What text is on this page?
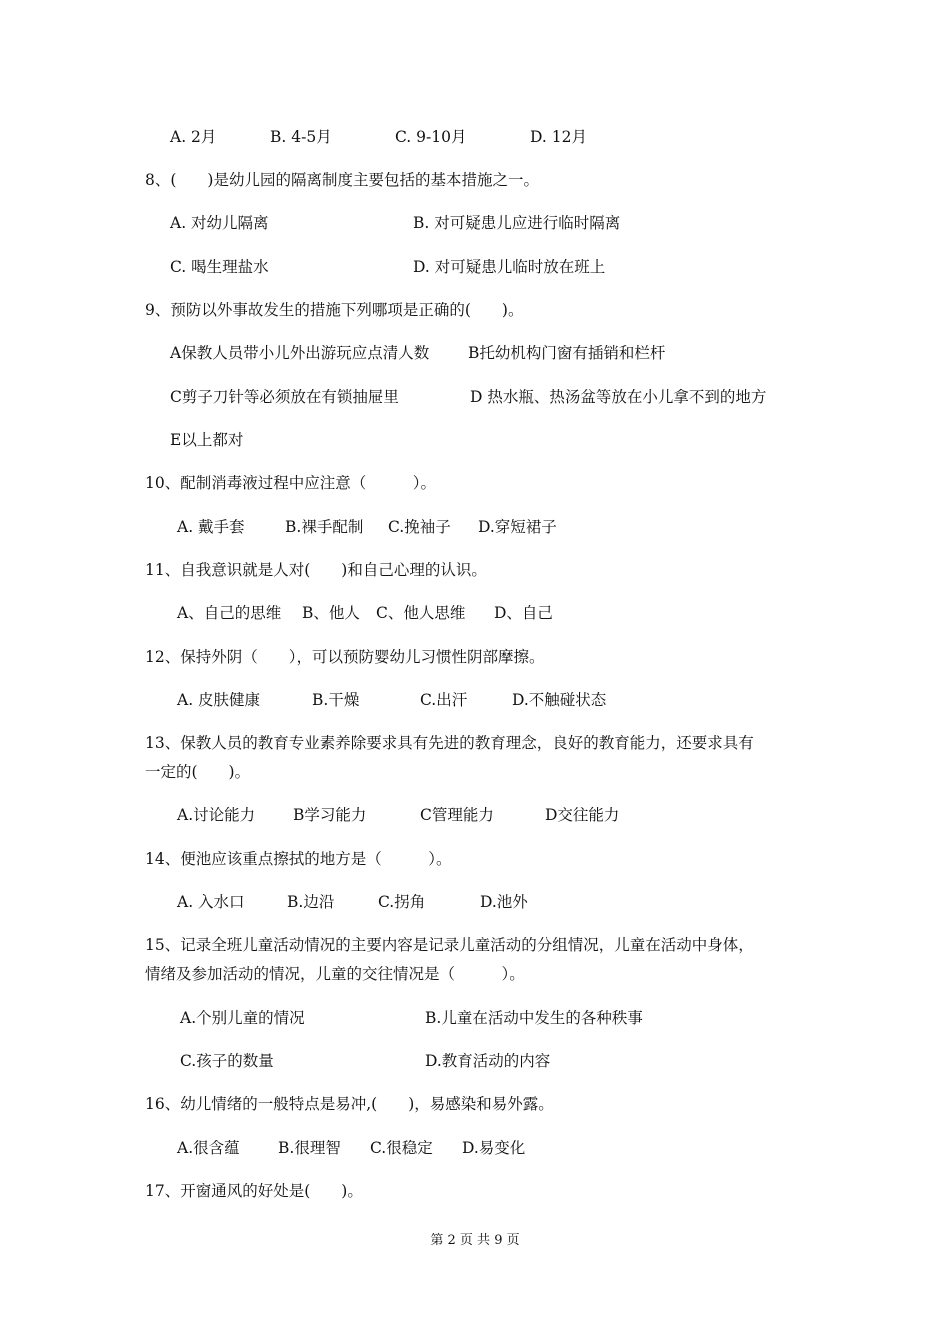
A. 2月	B. 4-5月	C. 9-10月	D. 12月
8、(　　)是幼儿园的隔离制度主要包括的基本措施之一。
A. 对幼儿隔离	B. 对可疑患儿应进行临时隔离
C. 喝生理盐水	D. 对可疑患儿临时放在班上
9、预防以外事故发生的措施下列哪项是正确的(　　)。
A保教人员带小儿外出游玩应点清人数	B托幼机构门窗有插销和栏杆
C剪子刀针等必须放在有锁抽屉里	D 热水瓶、热汤盆等放在小儿拿不到的地方
E以上都对
10、配制消毒液过程中应注意（　　　）。
A. 戴手套	B.裸手配制 C.挽袖子 D.穿短裙子
11、自我意识就是人对(　　)和自己心理的认识。
A、自己的思维 B、他人 C、他人思维 D、自己
12、保持外阴（　　），可以预防婴幼儿习惯性阴部摩擦。
A. 皮肤健康	B.干燥	C.出汗	D.不触碰状态
13、保教人员的教育专业素养除要求具有先进的教育理念，良好的教育能力，还要求具有
一定的(　　)。
A.讨论能力 B学习能力	C管理能力	D交往能力
14、便池应该重点擦拭的地方是（　　　）。
A. 入水口	B.边沿	C.拐角	D.池外
15、记录全班儿童活动情况的主要内容是记录儿童活动的分组情况，儿童在活动中身体，
情绪及参加活动的情况，儿童的交往情况是（　　　）。
A.个别儿童的情况	B.儿童在活动中发生的各种秩事
C.孩子的数量	D.教育活动的内容
16、幼儿情绪的一般特点是易冲,(　　)，易感染和易外露。
A.很含蕴 B.很理智 C.很稳定 D.易变化
17、开窗通风的好处是(　　)。
第 2 页 共 9 页
